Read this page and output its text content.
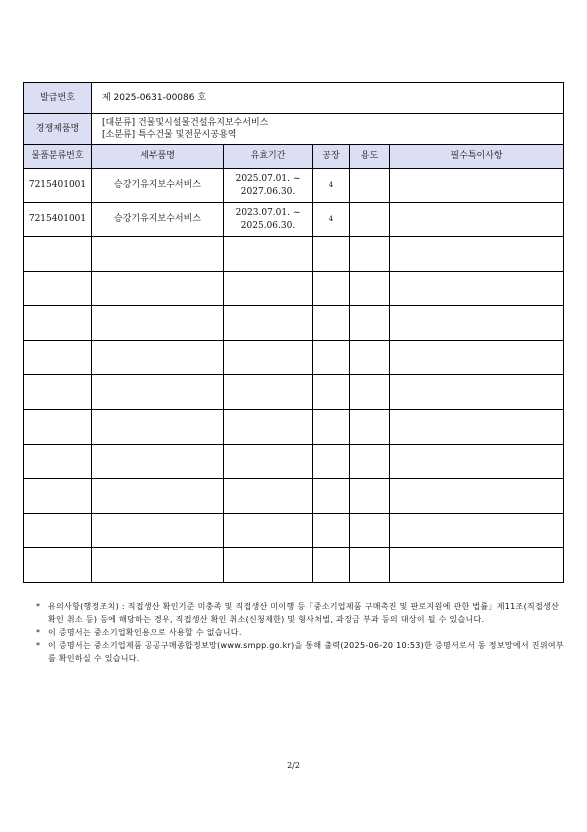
발급번호	제 2025-0631-00086 호				
경쟁제품명	[대분류] 건물및시설물건설유지보수서비스
[소분류] 특수건물 및전문시공용역				

물품분류번호	세부품명	유효기간	공장	용도	필수특이사항
7215401001	승강기유지보수서비스	2025.07.01. ~ 2027.06.30.	4		
7215401001	승강기유지보수서비스	2023.07.01. ~ 2025.06.30.	4		

* 유의사항(행정조치) : 직접생산 확인기준 미충족 및 직접생산 미이행 등「중소기업제품 구매촉진 및 판로지원에 관한 법률」제11조(직접생산 확인 취소 등) 등에 해당하는 경우, 직접생산 확인 취소(신청제한) 및 형사처벌, 과징금 부과 등의 대상이 될 수 있습니다.
* 이 증명서는 중소기업확인용으로 사용할 수 없습니다.
* 이 증명서는 중소기업제품 공공구매종합정보망(www.smpp.go.kr)을 통해 출력(2025-06-20 10:53)한 증명서로서 동 정보망에서 진위여부를 확인하실 수 있습니다.
2/2
